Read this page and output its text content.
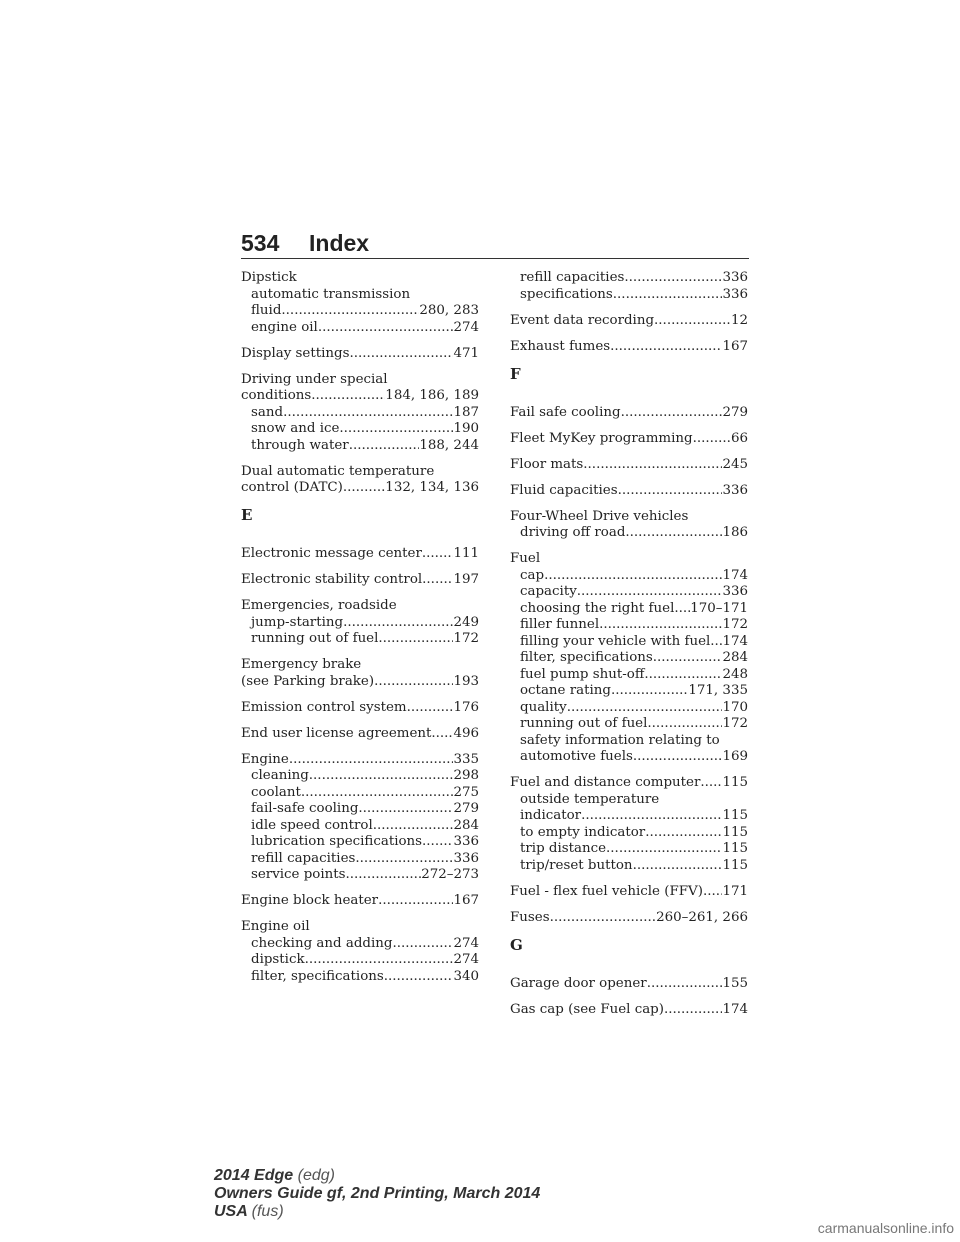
534 Index
Dipstick
automatic transmission
fluid .....	280, 283
engine oil .....	274
Display settings .....	471
Driving under special
conditions .....	184, 186, 189
sand .....	187
snow and ice .....	190
through water .....	188, 244
Dual automatic temperature
control (DATC) .....	132, 134, 136
E
Electronic message center ..... 111
Electronic stability control ..... 197
Emergencies, roadside
jump-starting .....	249
running out of fuel .....	172
Emergency brake
(see Parking brake) .....	193
Emission control system .....	176
End user license agreement ..... 496
Engine .....	335
cleaning .....	298
coolant .....	275
fail-safe cooling .....	279
idle speed control .....	284
lubrication specifications ..... 336
refill capacities .....	336
service points .....	272–273
Engine block heater .....	167
Engine oil
checking and adding .....	274
dipstick .....	274
filter, specifications .....	340
refill capacities .....	336
specifications .....	336
Event data recording .....	12
Exhaust fumes .....	167
F
Fail safe cooling .....	279
Fleet MyKey programming .....	66
Floor mats .....	245
Fluid capacities .....	336
Four-Wheel Drive vehicles
driving off road .....	186
Fuel
cap .....	174
capacity .....	336
choosing the right fuel ..... 170–171
filler funnel .....	172
filling your vehicle with fuel ..... 174
filter, specifications .....	284
fuel pump shut-off .....	248
octane rating .....	171, 335
quality .....	170
running out of fuel .....	172
safety information relating to
automotive fuels .....	169
Fuel and distance computer ..... 115
outside temperature
indicator .....	115
to empty indicator .....	115
trip distance .....	115
trip/reset button .....	115
Fuel - flex fuel vehicle (FFV) ..... 171
Fuses .....	260–261, 266
G
Garage door opener .....	155
Gas cap (see Fuel cap) .....	174
2014 Edge (edg)
Owners Guide gf, 2nd Printing, March 2014
USA (fus)
carmanualsonline.info
